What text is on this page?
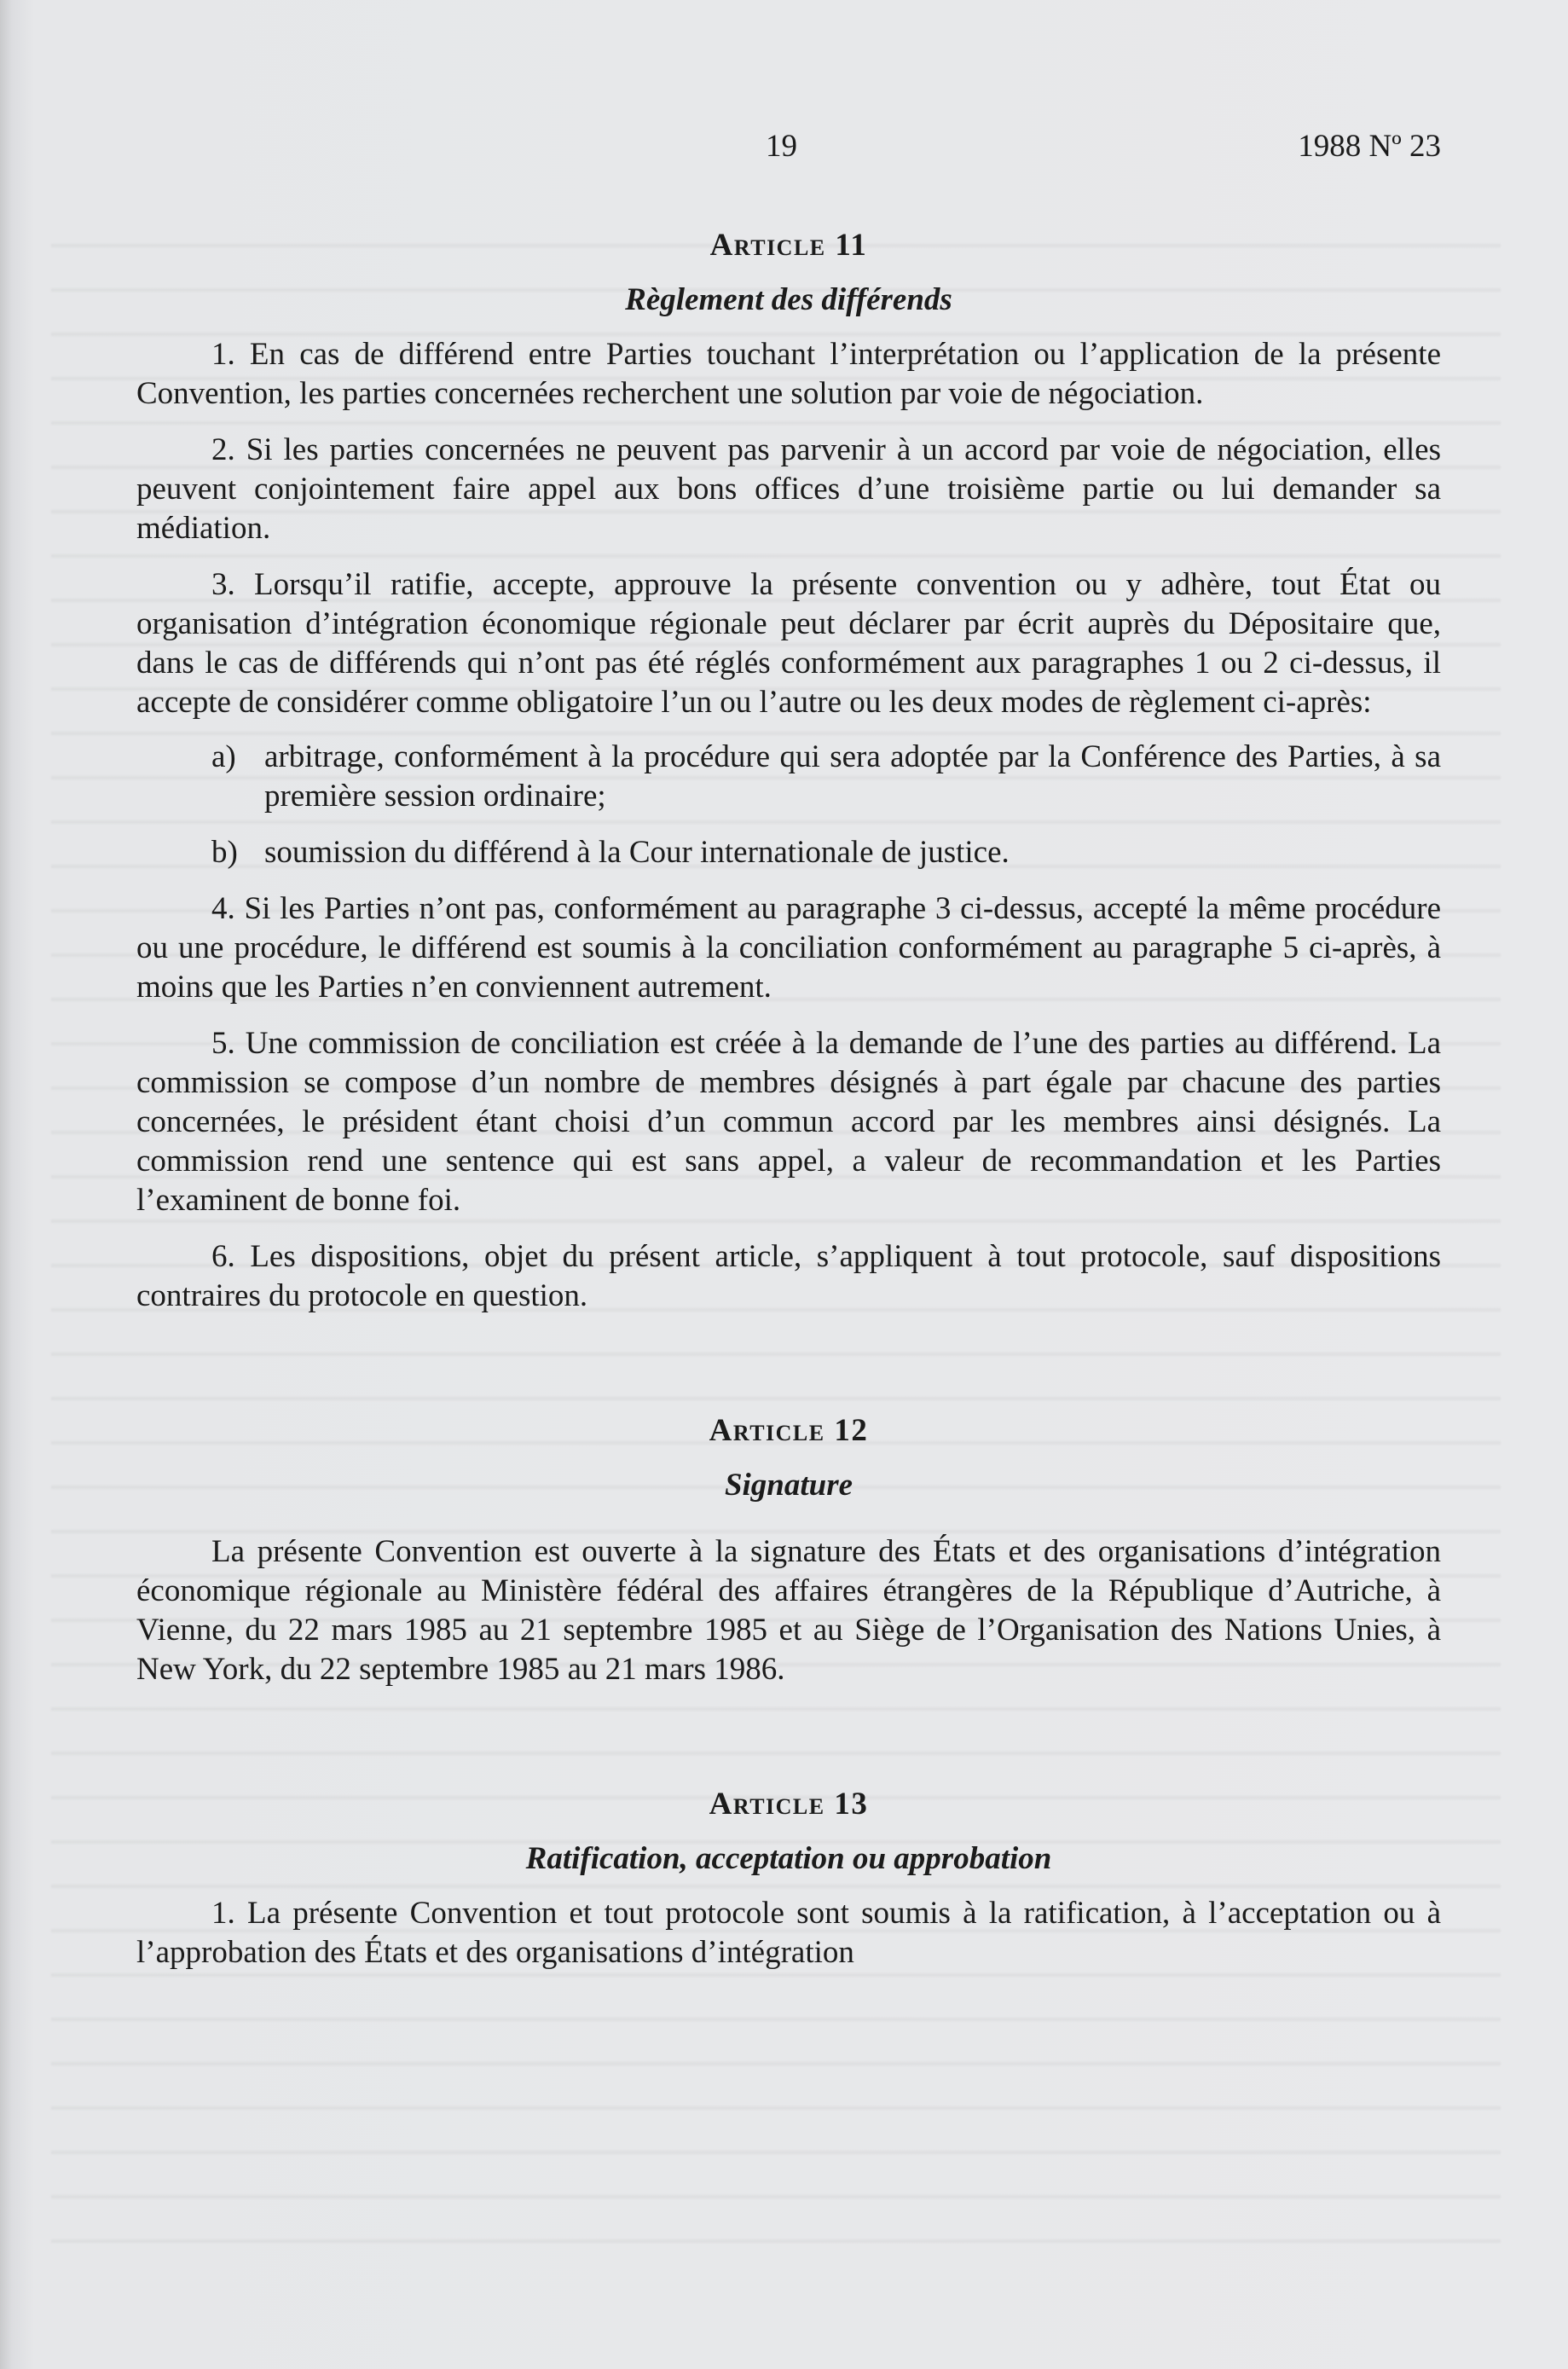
19	1988 Nº 23
Article 11
Règlement des différends

1. En cas de différend entre Parties touchant l’interprétation ou l’application de la présente Convention, les parties concernées recherchent une solution par voie de négociation.

2. Si les parties concernées ne peuvent pas parvenir à un accord par voie de négociation, elles peuvent conjointement faire appel aux bons offices d’une troisième partie ou lui demander sa médiation.

3. Lorsqu’il ratifie, accepte, approuve la présente convention ou y adhère, tout État ou organisation d’intégration économique régionale peut déclarer par écrit auprès du Dépositaire que, dans le cas de différends qui n’ont pas été réglés conformément aux paragraphes 1 ou 2 ci-dessus, il accepte de considérer comme obligatoire l’un ou l’autre ou les deux modes de règlement ci-après:

a) arbitrage, conformément à la procédure qui sera adoptée par la Conférence des Parties, à sa première session ordinaire;
b) soumission du différend à la Cour internationale de justice.

4. Si les Parties n’ont pas, conformément au paragraphe 3 ci-dessus, accepté la même procédure ou une procédure, le différend est soumis à la conciliation conformément au paragraphe 5 ci-après, à moins que les Parties n’en conviennent autrement.

5. Une commission de conciliation est créée à la demande de l’une des parties au différend. La commission se compose d’un nombre de membres désignés à part égale par chacune des parties concernées, le président étant choisi d’un commun accord par les membres ainsi désignés. La commission rend une sentence qui est sans appel, a valeur de recommandation et les Parties l’examinent de bonne foi.

6. Les dispositions, objet du présent article, s’appliquent à tout protocole, sauf dispositions contraires du protocole en question.

Article 12
Signature

La présente Convention est ouverte à la signature des États et des organisations d’intégration économique régionale au Ministère fédéral des affaires étrangères de la République d’Autriche, à Vienne, du 22 mars 1985 au 21 septembre 1985 et au Siège de l’Organisation des Nations Unies, à New York, du 22 septembre 1985 au 21 mars 1986.

Article 13
Ratification, acceptation ou approbation

1. La présente Convention et tout protocole sont soumis à la ratification, à l’acceptation ou à l’approbation des États et des organisations d’intégration
